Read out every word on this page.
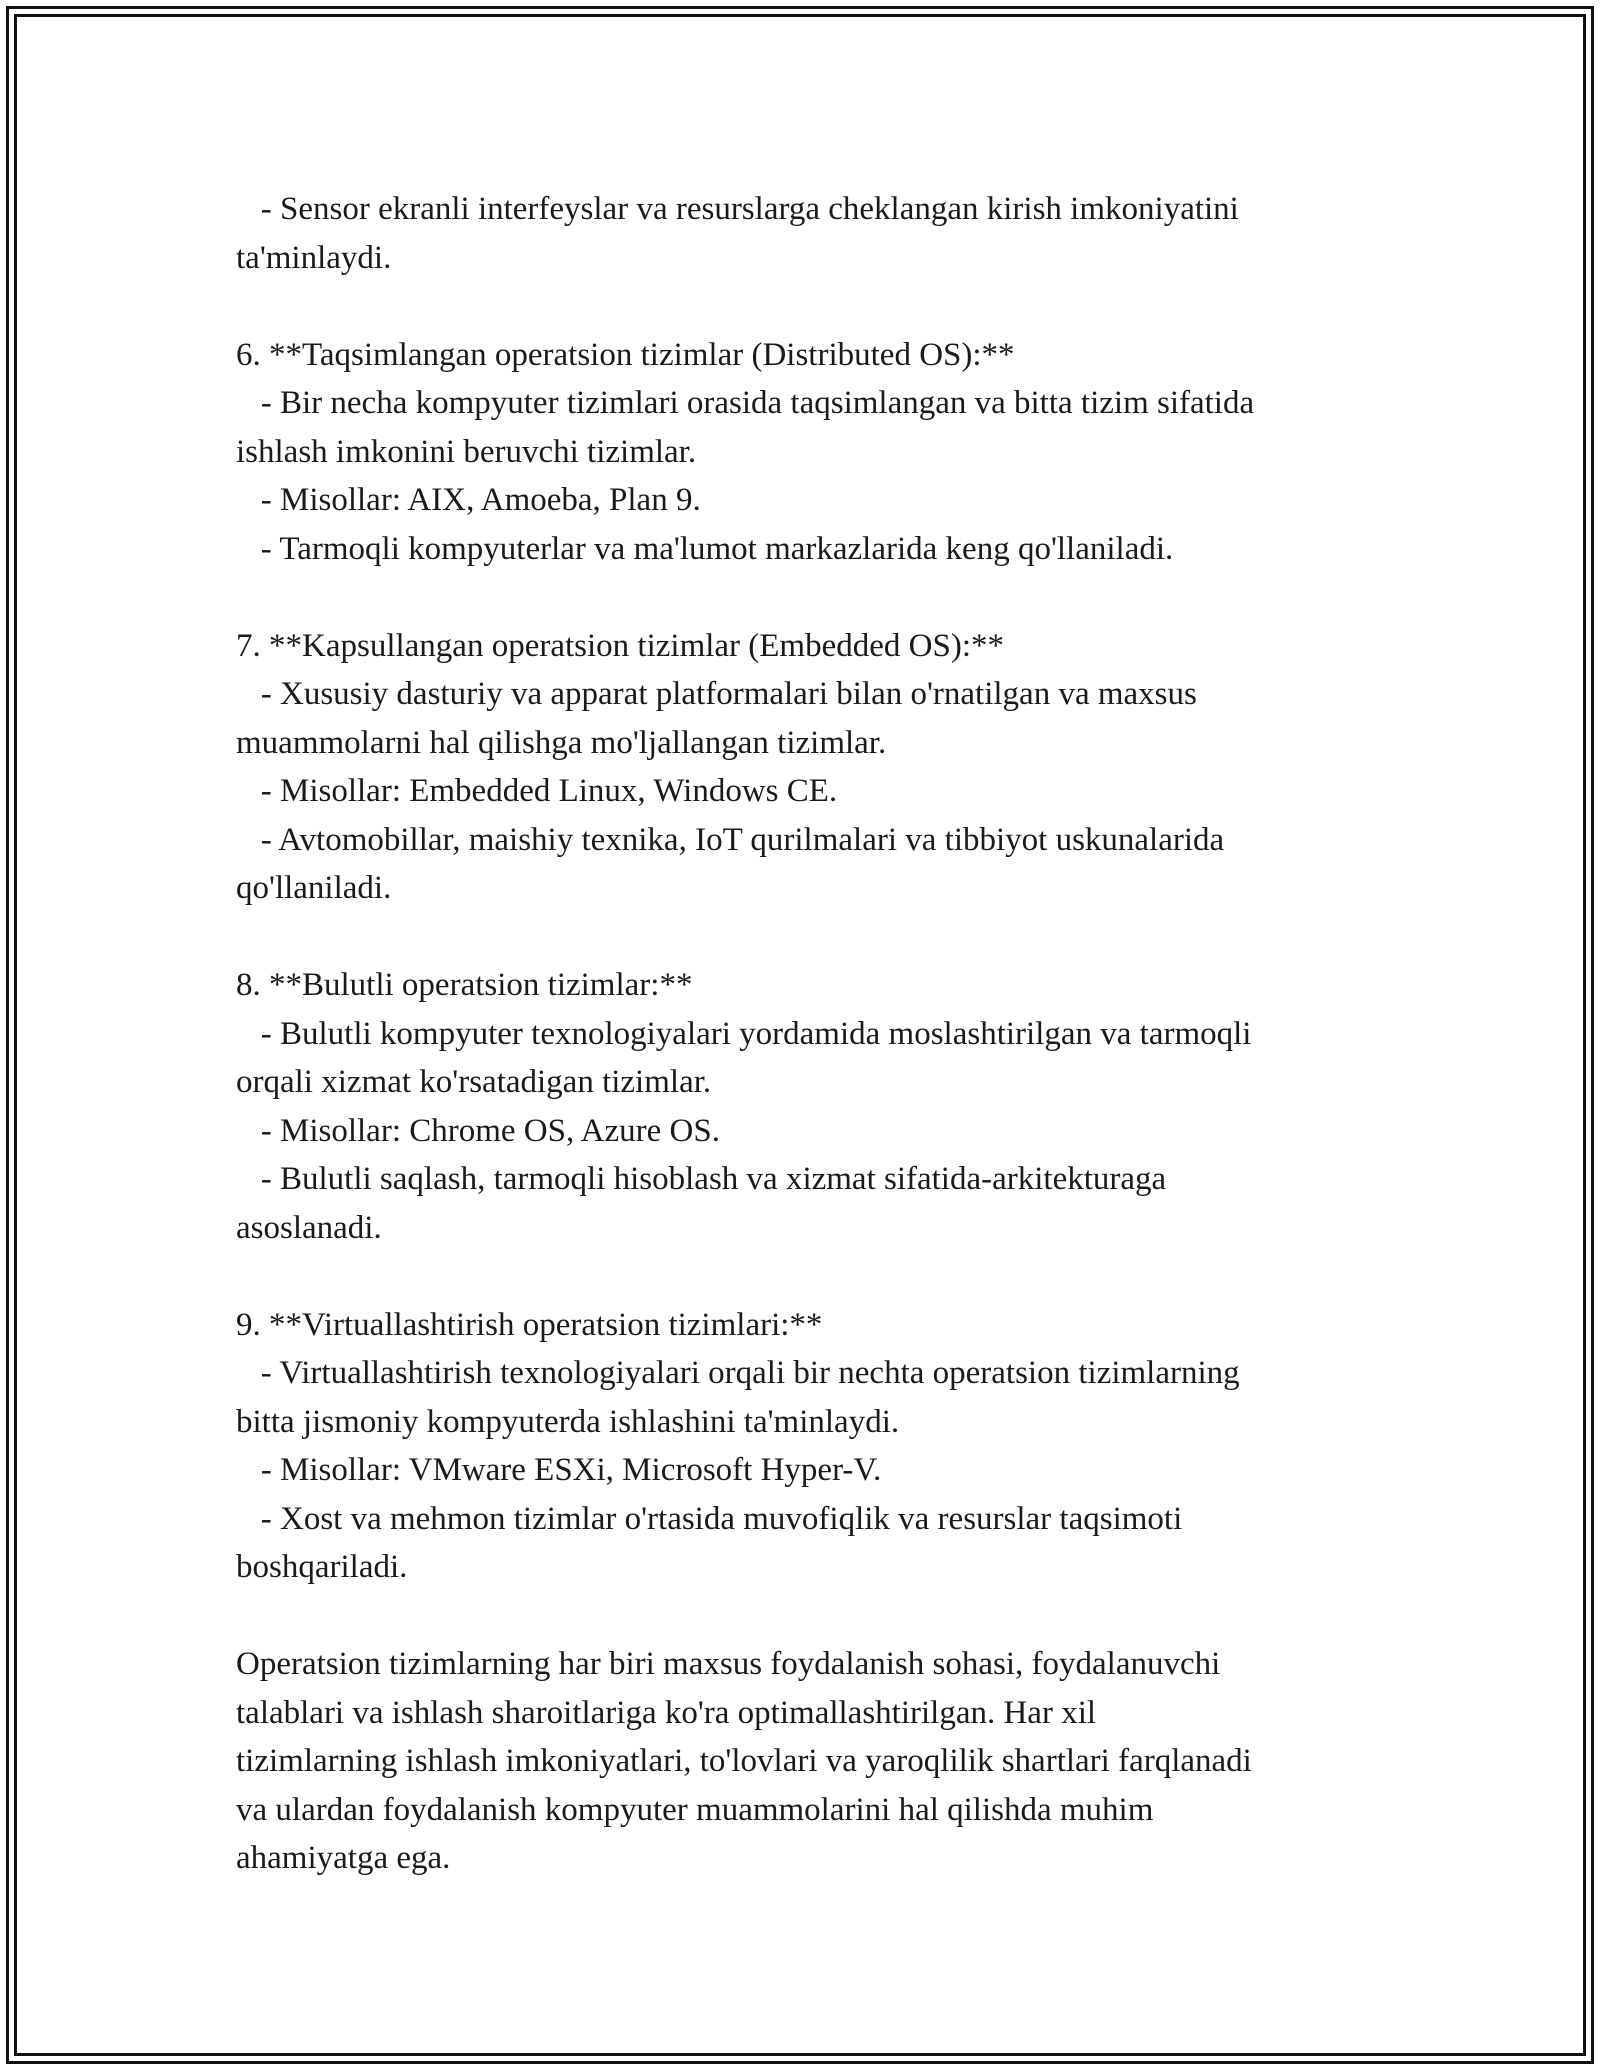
- Sensor ekranli interfeyslar va resurslarga cheklangan kirish imkoniyatini
ta'minlaydi.
6. **Taqsimlangan operatsion tizimlar (Distributed OS):**
- Bir necha kompyuter tizimlari orasida taqsimlangan va bitta tizim sifatida
ishlash imkonini beruvchi tizimlar.
- Misollar: AIX, Amoeba, Plan 9.
- Tarmoqli kompyuterlar va ma'lumot markazlarida keng qo'llaniladi.
7. **Kapsullangan operatsion tizimlar (Embedded OS):**
- Xususiy dasturiy va apparat platformalari bilan o'rnatilgan va maxsus
muammolarni hal qilishga mo'ljallangan tizimlar.
- Misollar: Embedded Linux, Windows CE.
- Avtomobillar, maishiy texnika, IoT qurilmalari va tibbiyot uskunalarida
qo'llaniladi.
8. **Bulutli operatsion tizimlar:**
- Bulutli kompyuter texnologiyalari yordamida moslashtirilgan va tarmoqli
orqali xizmat ko'rsatadigan tizimlar.
- Misollar: Chrome OS, Azure OS.
- Bulutli saqlash, tarmoqli hisoblash va xizmat sifatida-arkitekturaga
asoslanadi.
9. **Virtuallashtirish operatsion tizimlari:**
- Virtuallashtirish texnologiyalari orqali bir nechta operatsion tizimlarning
bitta jismoniy kompyuterda ishlashini ta'minlaydi.
- Misollar: VMware ESXi, Microsoft Hyper-V.
- Xost va mehmon tizimlar o'rtasida muvofiqlik va resurslar taqsimoti
boshqariladi.
Operatsion tizimlarning har biri maxsus foydalanish sohasi, foydalanuvchi
talablari va ishlash sharoitlariga ko'ra optimallashtirilgan. Har xil
tizimlarning ishlash imkoniyatlari, to'lovlari va yaroqlilik shartlari farqlanadi
va ulardan foydalanish kompyuter muammolarini hal qilishda muhim
ahamiyatga ega.
